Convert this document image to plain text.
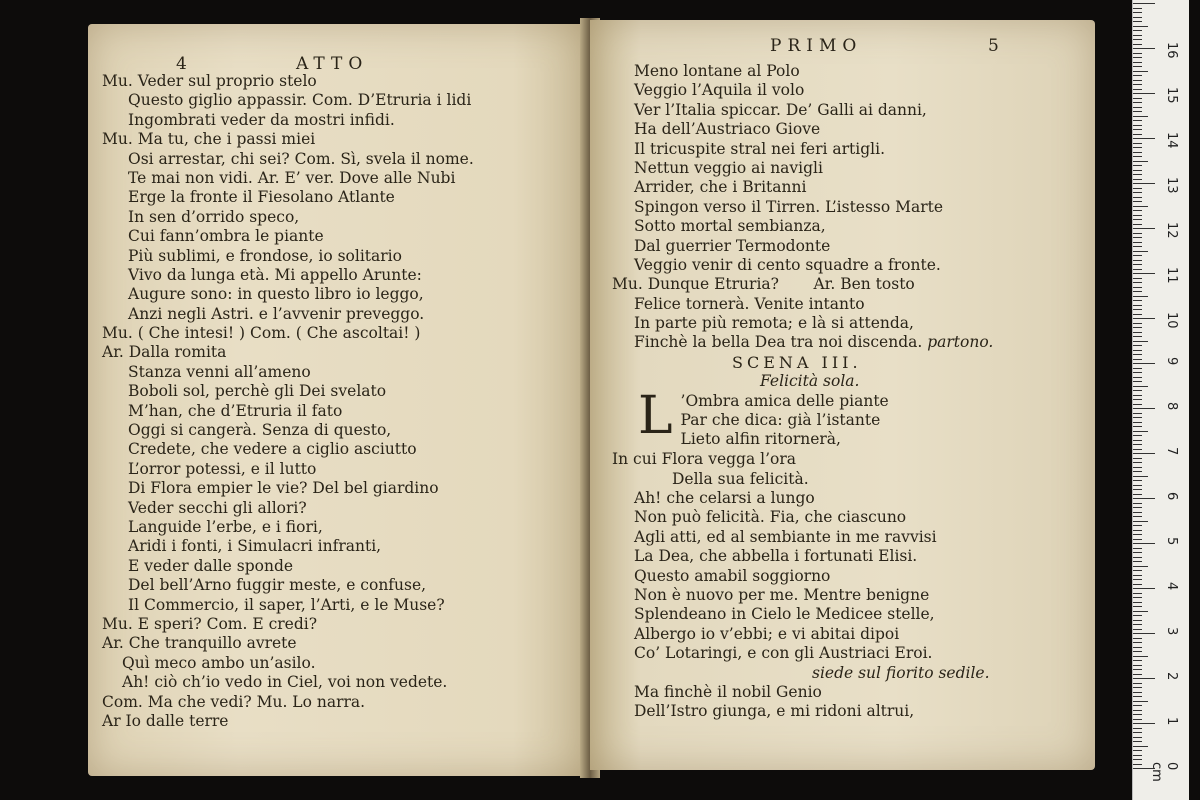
4	ATTO
Mu. Veder sul proprio stelo
Questo giglio appassir. Com. D’Etruria i lidi
Ingombrati veder da mostri infidi.
Mu. Ma tu, che i passi miei
Osi arrestar, chi sei? Com. Sì, svela il nome.
Te mai non vidi. Ar. E’ ver. Dove alle Nubi
Erge la fronte il Fiesolano Atlante
In sen d’orrido speco,
Cui fann’ombra le piante
Più sublimi, e frondose, io solitario
Vivo da lunga età. Mi appello Arunte:
Augure sono: in questo libro io leggo,
Anzi negli Astri. e l’avvenir preveggo.
Mu. ( Che intesi! ) Com. ( Che ascoltai! )
Ar. Dalla romita
Stanza venni all’ameno
Boboli sol, perchè gli Dei svelato
M’han, che d’Etruria il fato
Oggi si cangerà. Senza di questo,
Credete, che vedere a ciglio asciutto
L’orror potessi, e il lutto
Di Flora empier le vie? Del bel giardino
Veder secchi gli allori?
Languide l’erbe, e i fiori,
Aridi i fonti, i Simulacri infranti,
E veder dalle sponde
Del bell’Arno fuggir meste, e confuse,
Il Commercio, il saper, l’Arti, e le Muse?
Mu. E speri? Com. E credi?
Ar. Che tranquillo avrete
Quì meco ambo un’asilo.
Ah! ciò ch’io vedo in Ciel, voi non vedete.
Com. Ma che vedi? Mu. Lo narra.
Ar Io dalle terre
PRIMO	5
Meno lontane al Polo
Veggio l’Aquila il volo
Ver l’Italia spiccar. De’ Galli ai danni,
Ha dell’Austriaco Giove
Il tricuspite stral nei feri artigli.
Nettun veggio ai navigli
Arrider, che i Britanni
Spingon verso il Tirren. L’istesso Marte
Sotto mortal sembianza,
Dal guerrier Termodonte
Veggio venir di cento squadre a fronte.
Mu. Dunque Etruria?       Ar. Ben tosto
Felice tornerà. Venite intanto
In parte più remota; e là si attenda,
Finchè la bella Dea tra noi discenda. partono.
SCENA III.
Felicità sola.
L ’Ombra amica delle piante
Par che dica: già l’istante
Lieto alfin ritornerà,
In cui Flora vegga l’ora
Della sua felicità.
Ah! che celarsi a lungo
Non può felicità. Fia, che ciascuno
Agli atti, ed al sembiante in me ravvisi
La Dea, che abbella i fortunati Elisi.
Questo amabil soggiorno
Non è nuovo per me. Mentre benigne
Splendeano in Cielo le Medicee stelle,
Albergo io v’ebbi; e vi abitai dipoi
Co’ Lotaringi, e con gli Austriaci Eroi.
siede sul fiorito sedile.
Ma finchè il nobil Genio
Dell’Istro giunga, e mi ridoni altrui,
0 cm
1
2
3
4
5
6
7
8
9
10
11
12
13
14
15
16
